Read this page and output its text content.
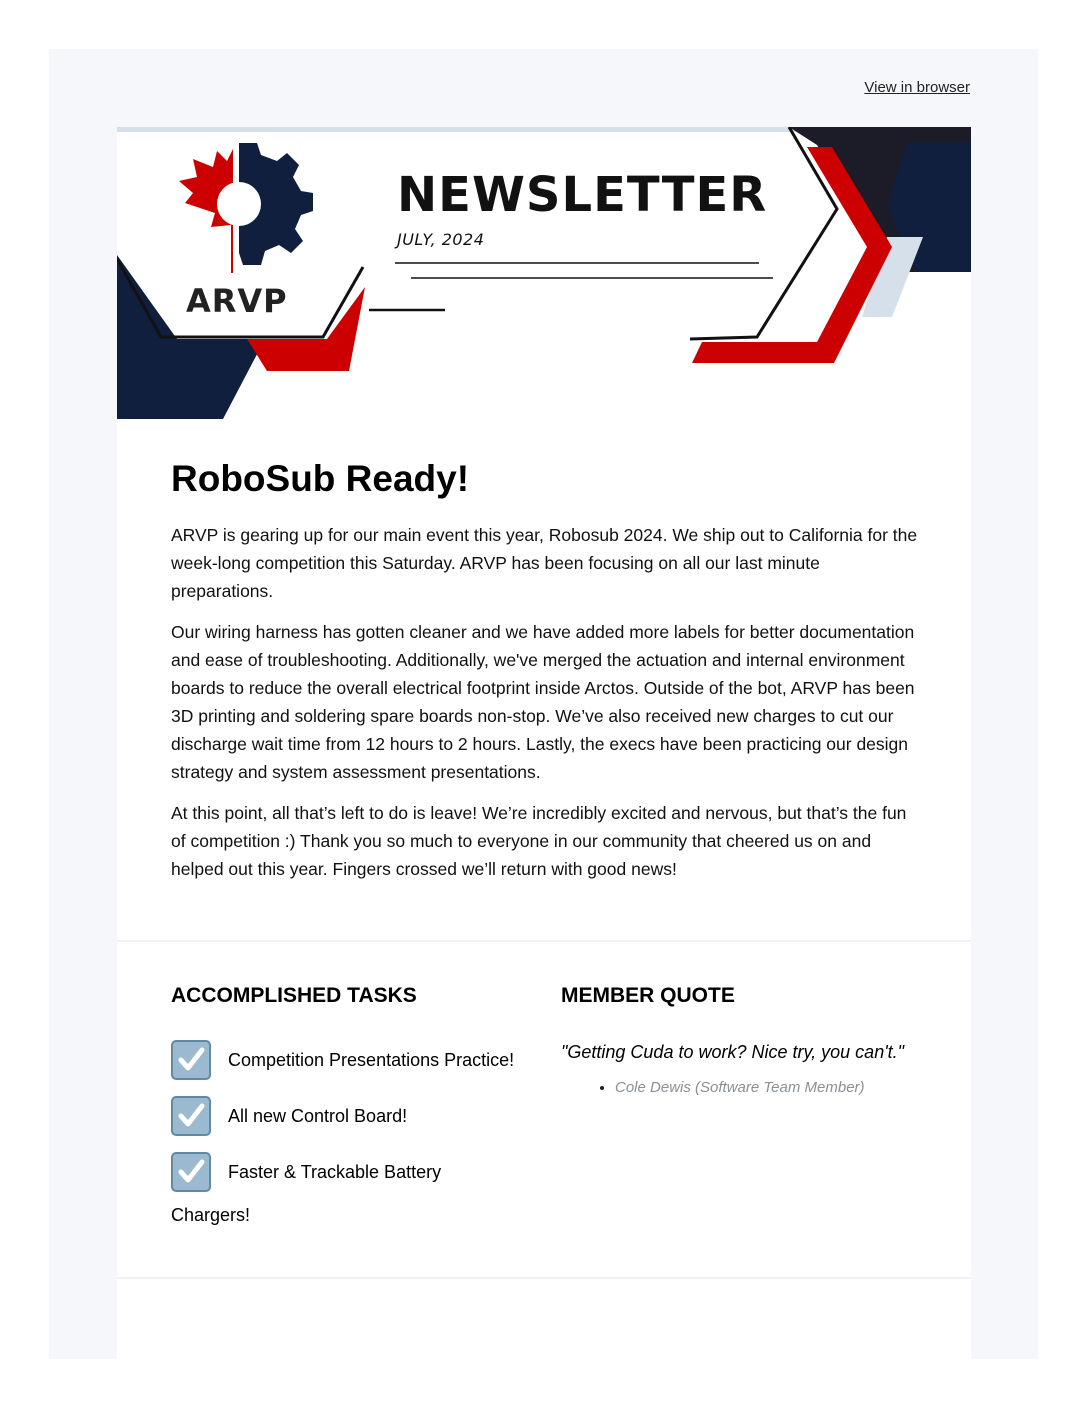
View in browser
NEWSLETTER
JULY, 2024
ARVP
RoboSub Ready!

ARVP is gearing up for our main event this year, Robosub 2024. We ship out to California for the week-long competition this Saturday. ARVP has been focusing on all our last minute preparations.

Our wiring harness has gotten cleaner and we have added more labels for better documentation and ease of troubleshooting. Additionally, we've merged the actuation and internal environment boards to reduce the overall electrical footprint inside Arctos. Outside of the bot, ARVP has been 3D printing and soldering spare boards non-stop. We’ve also received new charges to cut our discharge wait time from 12 hours to 2 hours. Lastly, the execs have been practicing our design strategy and system assessment presentations.

At this point, all that’s left to do is leave! We’re incredibly excited and nervous, but that’s the fun of competition :) Thank you so much to everyone in our community that cheered us on and helped out this year. Fingers crossed we’ll return with good news!

ACCOMPLISHED TASKS
Competition Presentations Practice!
All new Control Board!
Faster & Trackable Battery
Chargers!
MEMBER QUOTE

"Getting Cuda to work? Nice try, you can't."

• Cole Dewis (Software Team Member)
